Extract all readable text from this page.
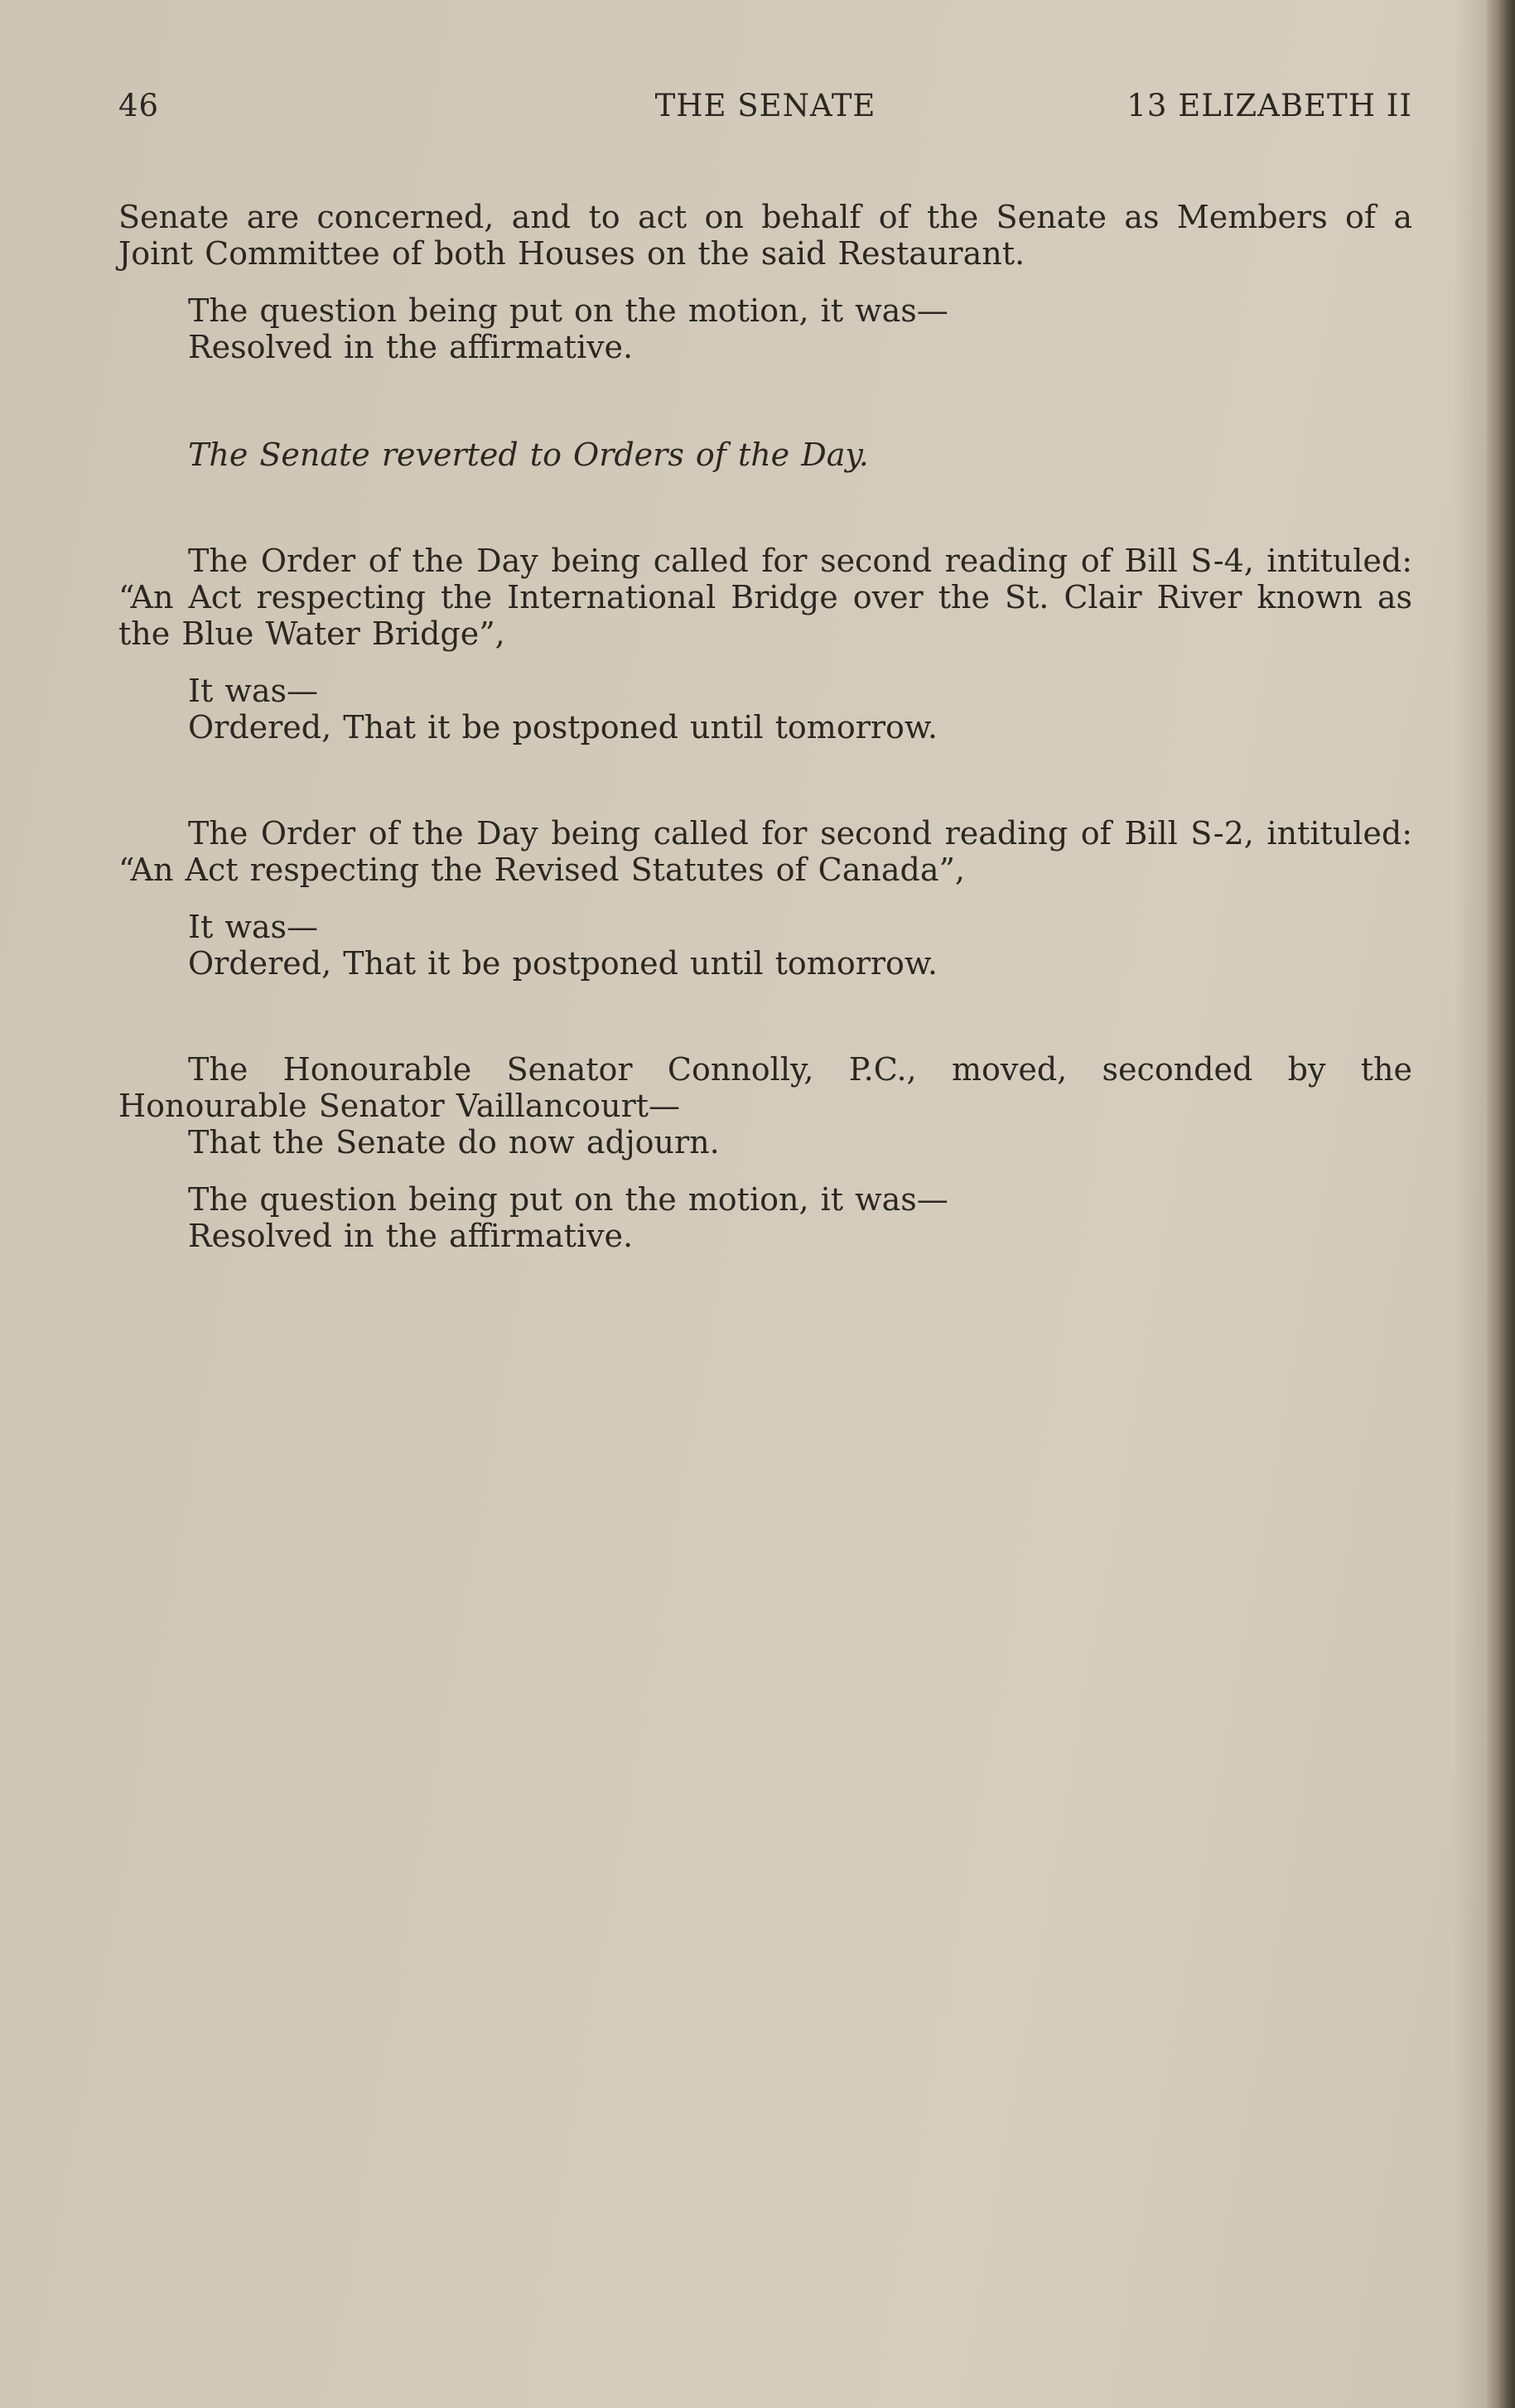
46	THE SENATE	13 ELIZABETH II

Senate are concerned, and to act on behalf of the Senate as Members of a Joint Committee of both Houses on the said Restaurant.

The question being put on the motion, it was—

Resolved in the affirmative.

The Senate reverted to Orders of the Day.

The Order of the Day being called for second reading of Bill S-4, intituled: “An Act respecting the International Bridge over the St. Clair River known as the Blue Water Bridge”,

It was—

Ordered, That it be postponed until tomorrow.

The Order of the Day being called for second reading of Bill S-2, intituled: “An Act respecting the Revised Statutes of Canada”,

It was—

Ordered, That it be postponed until tomorrow.

The Honourable Senator Connolly, P.C., moved, seconded by the Honourable Senator Vaillancourt—

That the Senate do now adjourn.

The question being put on the motion, it was—

Resolved in the affirmative.
